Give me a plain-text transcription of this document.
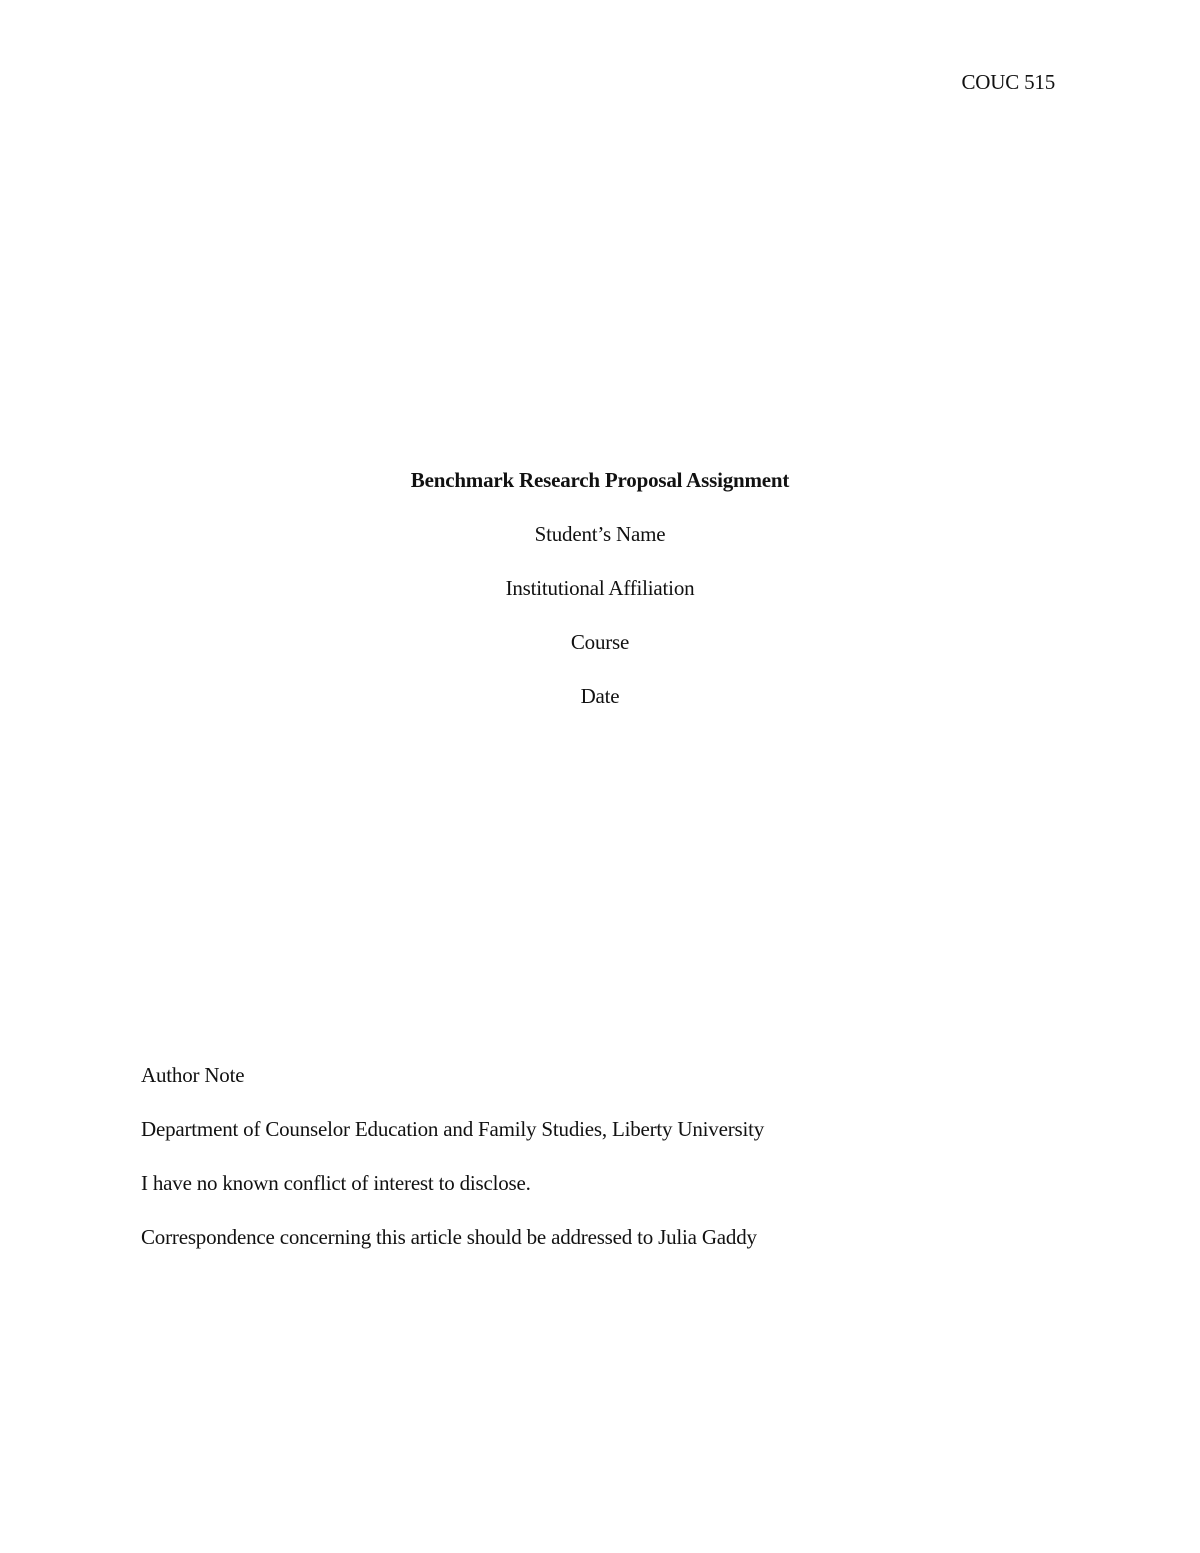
COUC 515
Benchmark Research Proposal Assignment
Student’s Name
Institutional Affiliation
Course
Date
Author Note
Department of Counselor Education and Family Studies, Liberty University
I have no known conflict of interest to disclose.
Correspondence concerning this article should be addressed to Julia Gaddy
